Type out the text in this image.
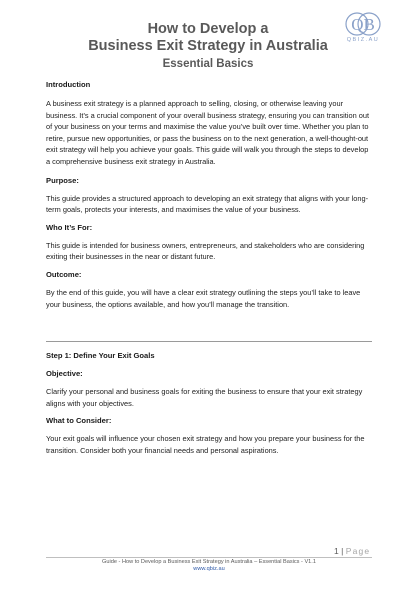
How to Develop a
Business Exit Strategy in Australia
Essential Basics
QB
QBIZ.AU
Introduction

A business exit strategy is a planned approach to selling, closing, or otherwise leaving your business. It’s a crucial component of your overall business strategy, ensuring you can transition out of your business on your terms and maximise the value you’ve built over time. Whether you plan to retire, pursue new opportunities, or pass the business on to the next generation, a well-thought-out exit strategy will help you achieve your goals. This guide will walk you through the steps to develop a comprehensive business exit strategy in Australia.

Purpose:

This guide provides a structured approach to developing an exit strategy that aligns with your long-term goals, protects your interests, and maximises the value of your business.

Who It’s For:

This guide is intended for business owners, entrepreneurs, and stakeholders who are considering exiting their businesses in the near or distant future.

Outcome:

By the end of this guide, you will have a clear exit strategy outlining the steps you’ll take to leave your business, the options available, and how you’ll manage the transition.

Step 1: Define Your Exit Goals
Objective:

Clarify your personal and business goals for exiting the business to ensure that your exit strategy aligns with your objectives.

What to Consider:

Your exit goals will influence your chosen exit strategy and how you prepare your business for the transition. Consider both your financial needs and personal aspirations.

1 | Page
Guide - How to Develop a Business Exit Strategy in Australia – Essential Basics - V1.1
www.qbiz.au
